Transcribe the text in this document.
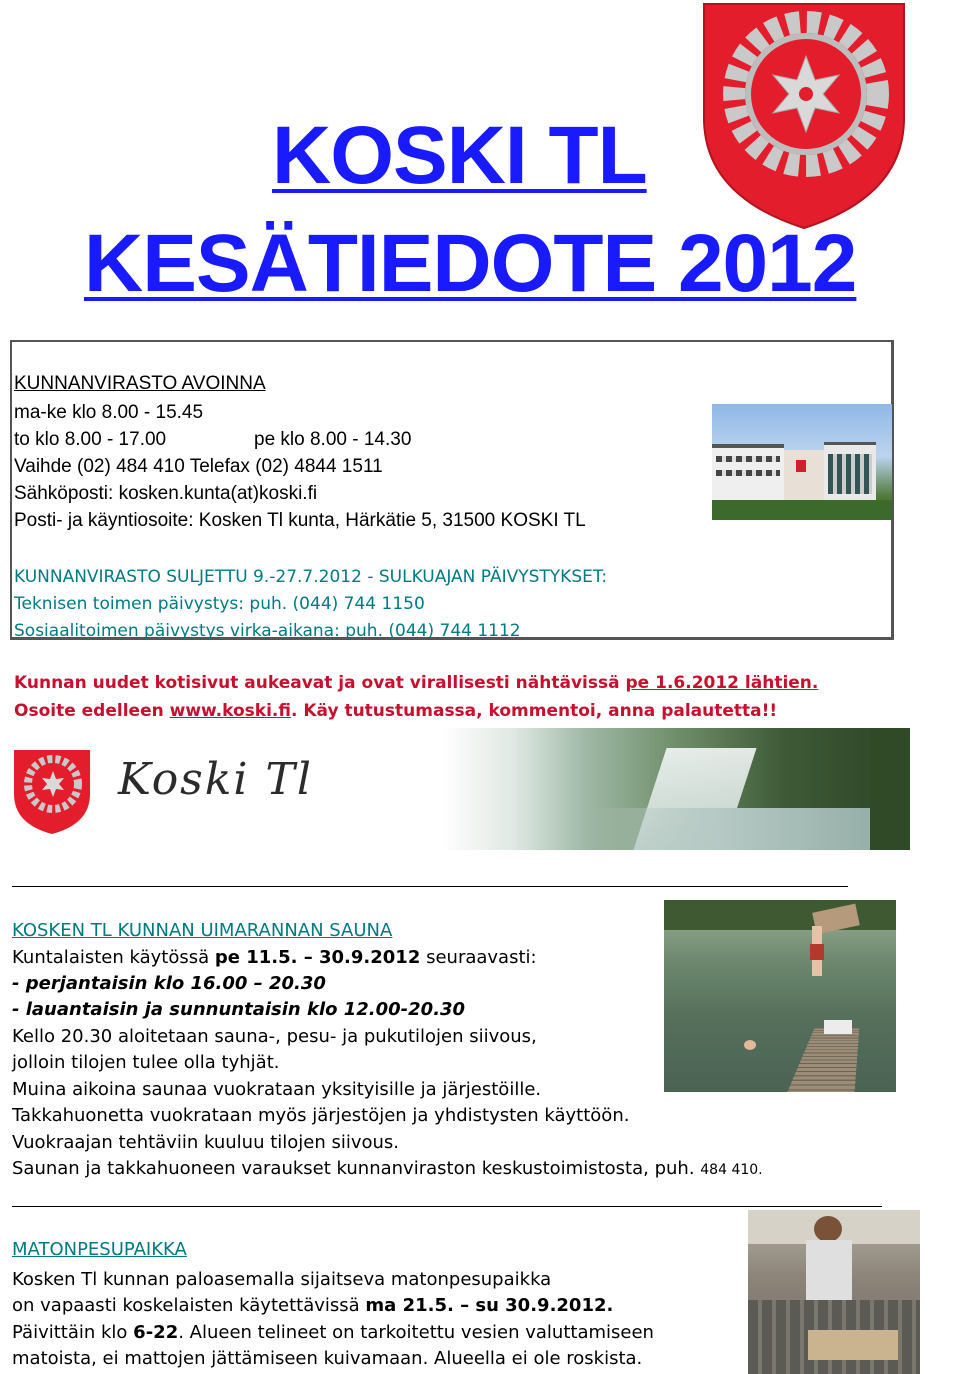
KOSKI TL
KESÄTIEDOTE 2012
KUNNANVIRASTO AVOINNA
ma-ke klo 8.00 - 15.45
to klo 8.00 - 17.00	pe klo 8.00 - 14.30
Vaihde (02) 484 410 Telefax (02) 4844 1511
Sähköposti: kosken.kunta(at)koski.fi
Posti- ja käyntiosoite: Kosken Tl kunta, Härkätie 5, 31500 KOSKI TL
KUNNANVIRASTO SULJETTU 9.-27.7.2012 - SULKUAJAN PÄIVYSTYKSET:
Teknisen toimen päivystys: puh. (044) 744 1150
Sosiaalitoimen päivystys virka-aikana: puh. (044) 744 1112
Kunnan uudet kotisivut aukeavat ja ovat virallisesti nähtävissä pe 1.6.2012 lähtien.
Osoite edelleen www.koski.fi. Käy tutustumassa, kommentoi, anna palautetta!!
Koski Tl
KOSKEN TL KUNNAN UIMARANNAN SAUNA
Kuntalaisten käytössä pe 11.5. – 30.9.2012 seuraavasti:
- perjantaisin klo 16.00 – 20.30
- lauantaisin ja sunnuntaisin klo 12.00-20.30
Kello 20.30 aloitetaan sauna-, pesu- ja pukutilojen siivous,
jolloin tilojen tulee olla tyhjät.
Muina aikoina saunaa vuokrataan yksityisille ja järjestöille.
Takkahuonetta vuokrataan myös järjestöjen ja yhdistysten käyttöön.
Vuokraajan tehtäviin kuuluu tilojen siivous.
Saunan ja takkahuoneen varaukset kunnanviraston keskustoimistosta, puh. 484 410.
MATONPESUPAIKKA
Kosken Tl kunnan paloasemalla sijaitseva matonpesupaikka
on vapaasti koskelaisten käytettävissä ma 21.5. – su 30.9.2012.
Päivittäin klo 6-22. Alueen telineet on tarkoitettu vesien valuttamiseen
matoista, ei mattojen jättämiseen kuivamaan. Alueella ei ole roskista.
